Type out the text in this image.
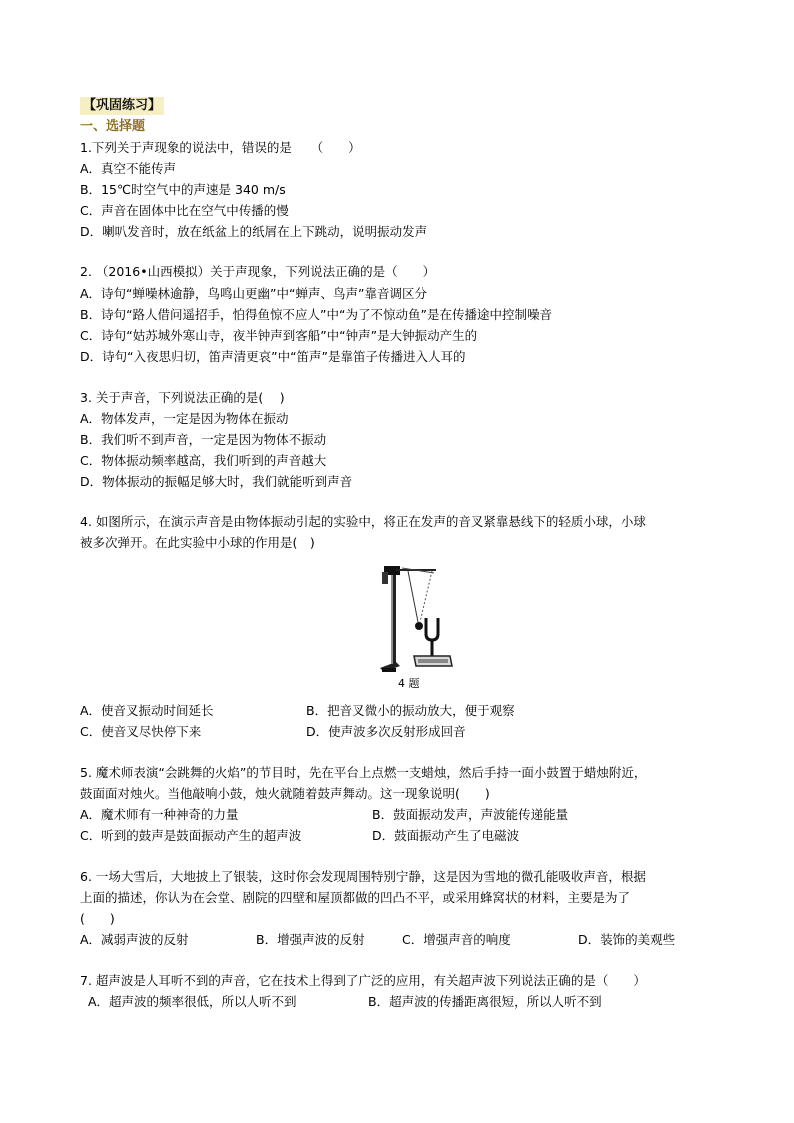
【巩固练习】
一、选择题
1.下列关于声现象的说法中，错误的是　　（　　）
A．真空不能传声
B．15℃时空气中的声速是 340 m/s
C．声音在固体中比在空气中传播的慢
D．喇叭发音时，放在纸盆上的纸屑在上下跳动，说明振动发声
2. （2016•山西模拟）关于声现象，下列说法正确的是（　　）
A．诗句“蝉噪林逾静，鸟鸣山更幽”中“蝉声、鸟声”靠音调区分
B．诗句“路人借问遥招手，怕得鱼惊不应人”中“为了不惊动鱼”是在传播途中控制噪音
C．诗句“姑苏城外寒山寺，夜半钟声到客船”中“钟声”是大钟振动产生的
D．诗句“入夜思归切，笛声清更哀”中“笛声”是靠笛子传播进入人耳的
3. 关于声音，下列说法正确的是(　 )
A．物体发声，一定是因为物体在振动
B．我们听不到声音，一定是因为物体不振动
C．物体振动频率越高，我们听到的声音越大
D．物体振动的振幅足够大时，我们就能听到声音
4. 如图所示，在演示声音是由物体振动引起的实验中，将正在发声的音叉紧靠悬线下的轻质小球，小球
被多次弹开。在此实验中小球的作用是(　)
4 题
A．使音叉振动时间延长	B．把音叉微小的振动放大，便于观察
C．使音叉尽快停下来	D．使声波多次反射形成回音
5. 魔术师表演“会跳舞的火焰”的节目时，先在平台上点燃一支蜡烛，然后手持一面小鼓置于蜡烛附近，
鼓面面对烛火。当他敲响小鼓，烛火就随着鼓声舞动。这一现象说明(　　)
A．魔术师有一种神奇的力量	B．鼓面振动发声，声波能传递能量
C．听到的鼓声是鼓面振动产生的超声波	D．鼓面振动产生了电磁波
6. 一场大雪后，大地披上了银装，这时你会发现周围特别宁静，这是因为雪地的微孔能吸收声音，根据
上面的描述，你认为在会堂、剧院的四壁和屋顶都做的凹凸不平，或采用蜂窝状的材料，主要是为了
(　　)
A．减弱声波的反射	B．增强声波的反射	C．增强声音的响度	D．装饰的美观些
7. 超声波是人耳听不到的声音，它在技术上得到了广泛的应用，有关超声波下列说法正确的是（　　）
A．超声波的频率很低，所以人听不到	B．超声波的传播距离很短，所以人听不到
